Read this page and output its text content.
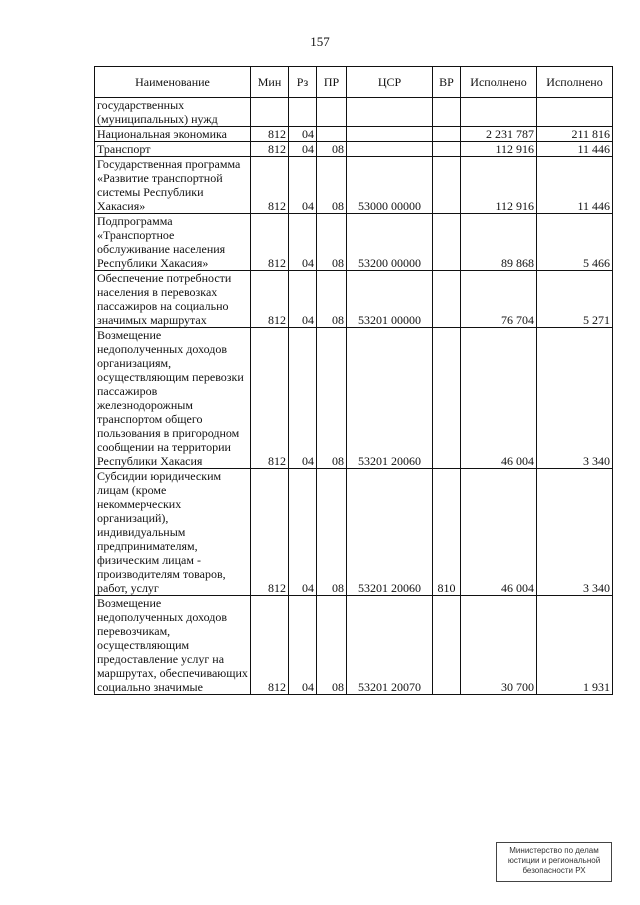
157
Наименование	Мин	Рз	ПР	ЦСР	ВР	Исполнено	Исполнено
государственных (муниципальных) нужд							
Национальная экономика	812	04				2 231 787	211 816
Транспорт	812	04	08			112 916	11 446
Государственная программа «Развитие транспортной системы Республики Хакасия»	812	04	08	53000 00000		112 916	11 446
Подпрограмма «Транспортное обслуживание населения Республики Хакасия»	812	04	08	53200 00000		89 868	5 466
Обеспечение потребности населения в перевозках пассажиров на социально значимых маршрутах	812	04	08	53201 00000		76 704	5 271
Возмещение недополученных доходов организациям, осуществляющим перевозки пассажиров железнодорожным транспортом общего пользования в пригородном сообщении на территории Республики Хакасия	812	04	08	53201 20060		46 004	3 340
Субсидии юридическим лицам (кроме некоммерческих организаций), индивидуальным предпринимателям, физическим лицам - производителям товаров, работ, услуг	812	04	08	53201 20060	810	46 004	3 340
Возмещение недополученных доходов перевозчикам, осуществляющим предоставление услуг на маршрутах, обеспечивающих социально значимые	812	04	08	53201 20070		30 700	1 931
Министерство по делам
юстиции и региональной
безопасности РХ
